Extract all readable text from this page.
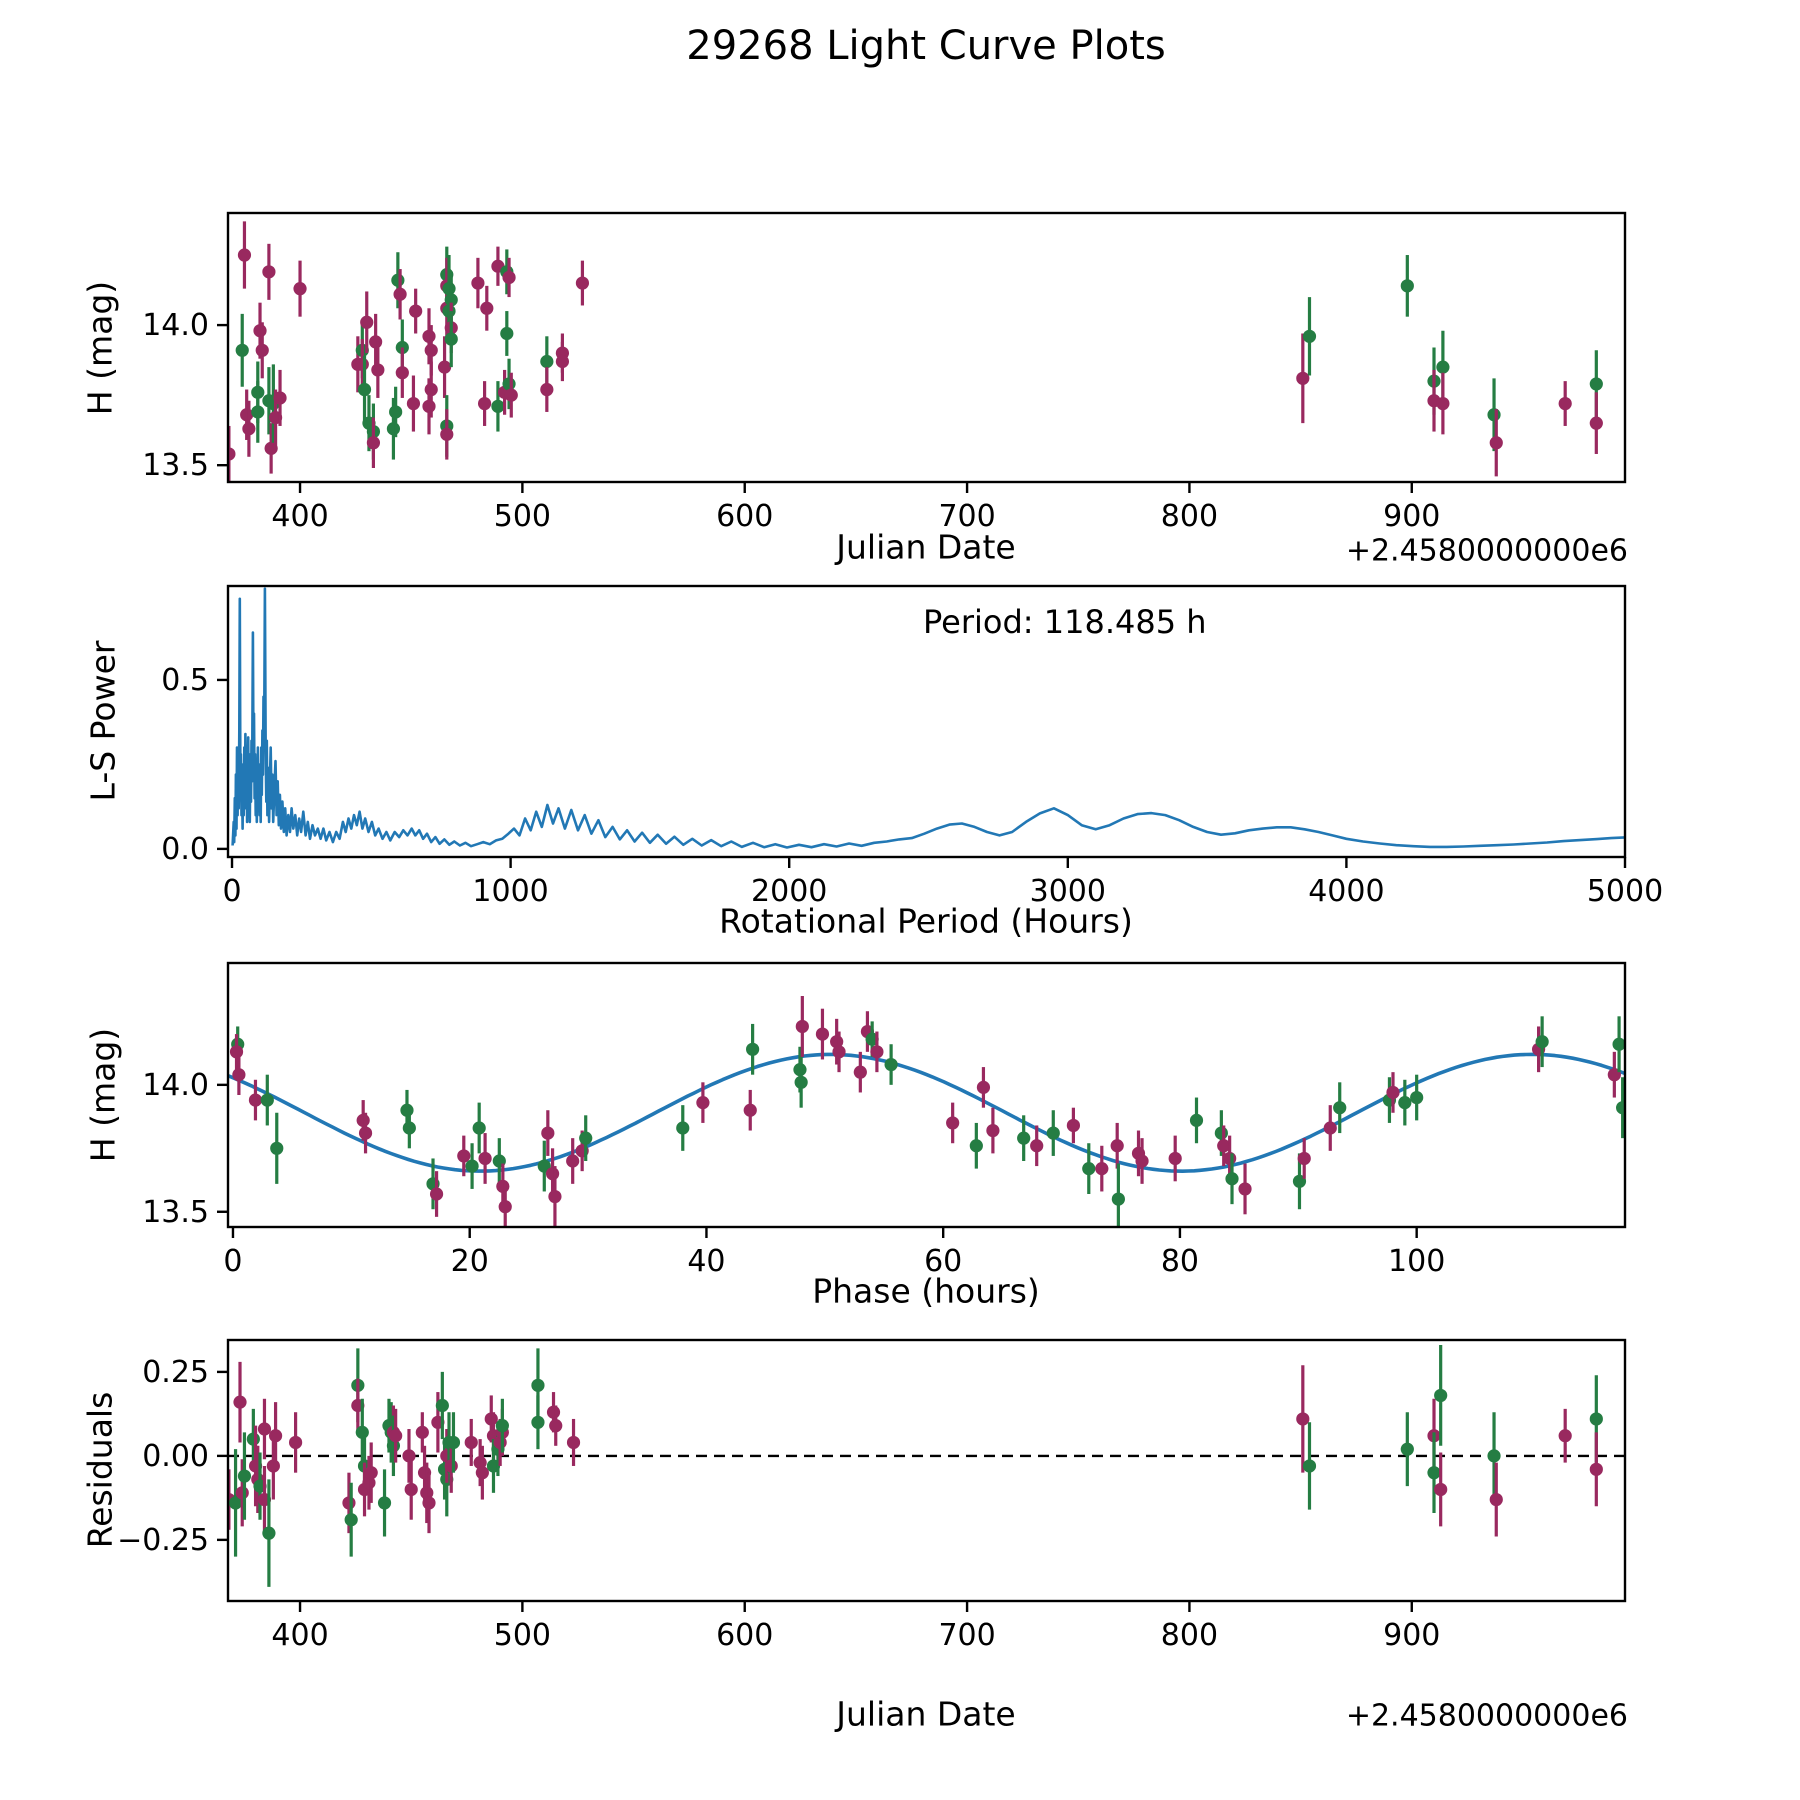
400	500	600	700	800	900
13.5
14.0
0	1000	2000	3000	4000	5000
0.0
0.5
0	20	40	60	80	100
13.5
14.0
400	500	600	700	800	900
−0.25
0.00
0.25
29268 Light Curve Plots
H (mag)
Julian Date	+2.4580000000e6
L-S Power
Rotational Period (Hours)
Period: 118.485 h
H (mag)
Phase (hours)
Residuals
Julian Date	+2.4580000000e6
